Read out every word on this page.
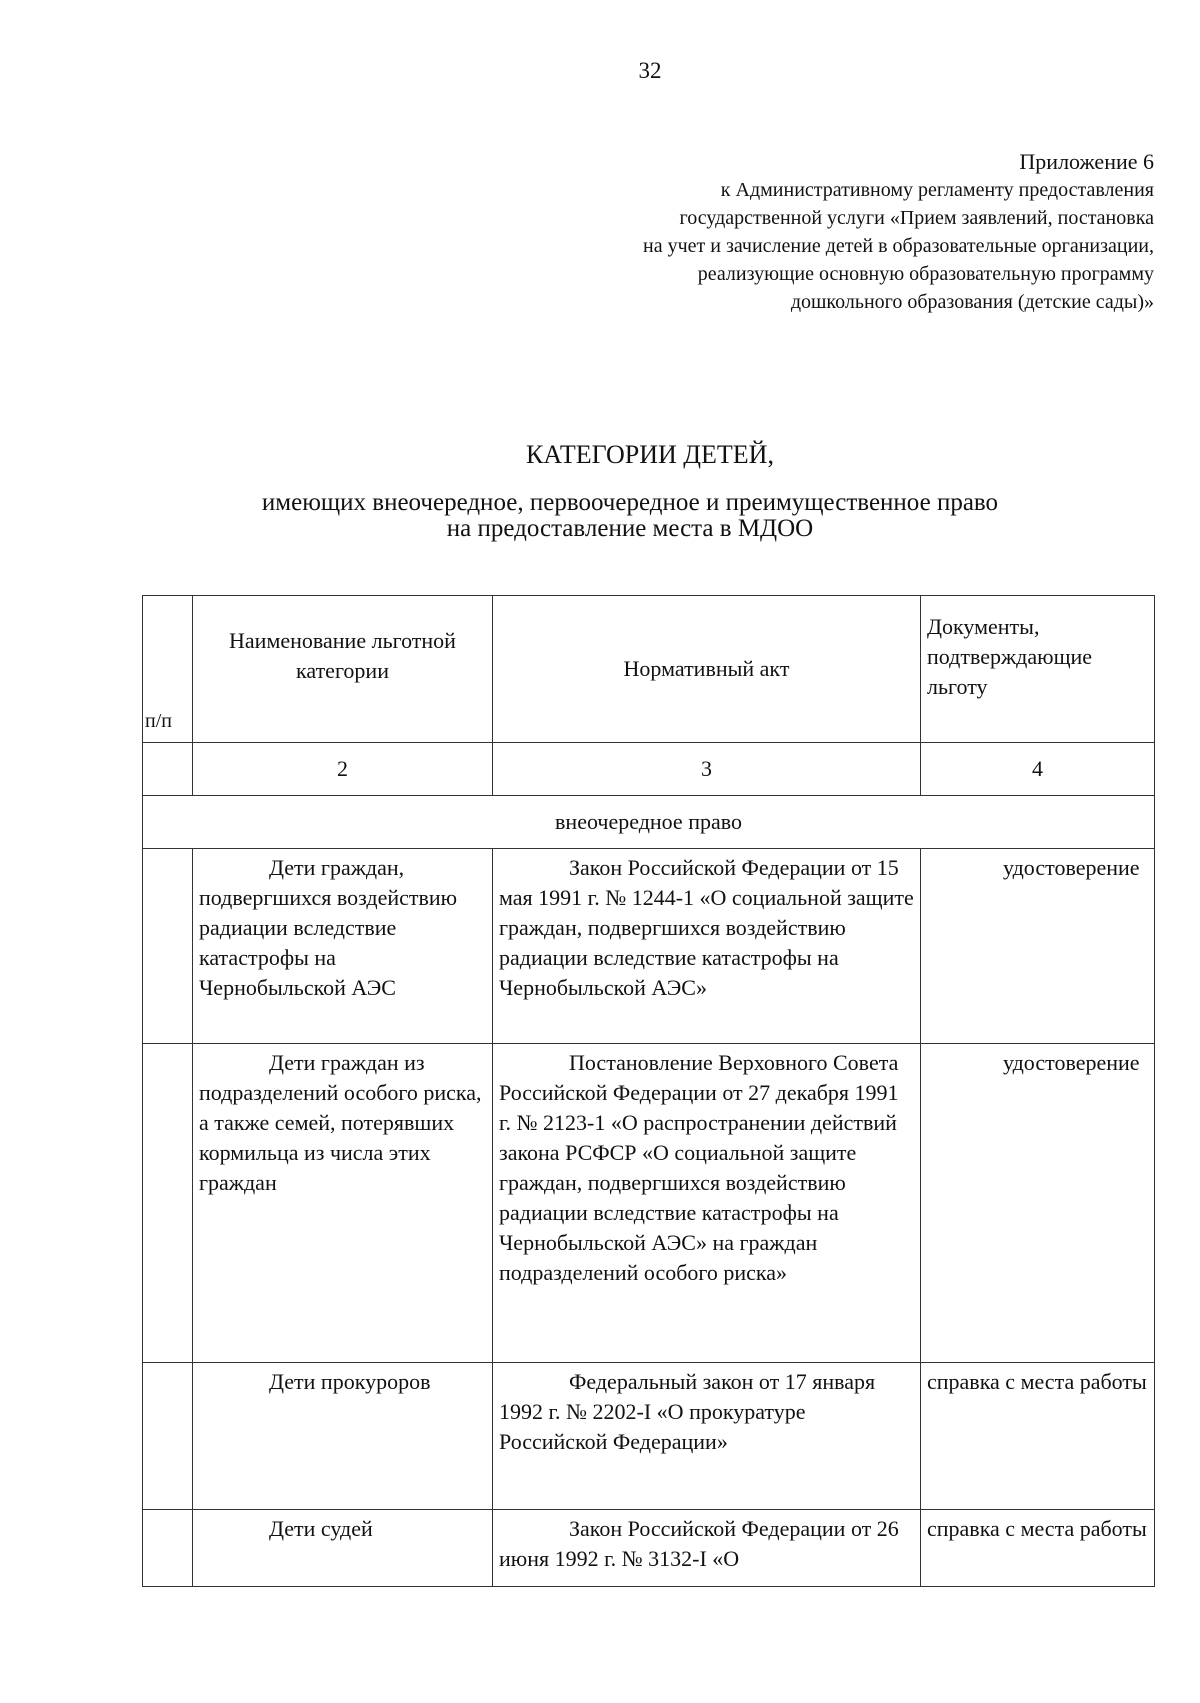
32
Приложение 6
к Административному регламенту предоставления
государственной услуги «Прием заявлений, постановка
на учет и зачисление детей в образовательные организации,
реализующие основную образовательную программу
дошкольного образования (детские сады)»
КАТЕГОРИИ ДЕТЕЙ,
имеющих внеочередное, первоочередное и преимущественное право
на предоставление места в МДОО
п/п	Наименование льготной категории	Нормативный акт	Документы, подтверждающие льготу
	2	3	4
внеочередное право			
	Дети граждан, подвергшихся воздействию радиации вследствие катастрофы на Чернобыльской АЭС	Закон Российской Федерации от 15 мая 1991 г. № 1244-1 «О социальной защите граждан, подвергшихся воздействию радиации вследствие катастрофы на Чернобыльской АЭС»	удостоверение
	Дети граждан из подразделений особого риска, а также семей, потерявших кормильца из числа этих граждан	Постановление Верховного Совета Российской Федерации от 27 декабря 1991 г. № 2123-1 «О распространении действий закона РСФСР «О социальной защите граждан, подвергшихся воздействию радиации вследствие катастрофы на Чернобыльской АЭС» на граждан подразделений особого риска»	удостоверение
	Дети прокуроров	Федеральный закон от 17 января 1992 г. № 2202-I «О прокуратуре Российской Федерации»	справка с места работы
	Дети судей	Закон Российской Федерации от 26 июня 1992 г. № 3132-I «О	справка с места работы
